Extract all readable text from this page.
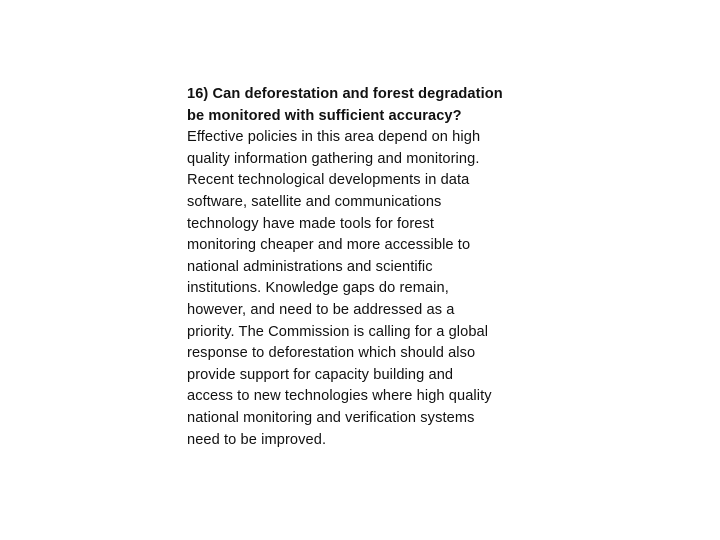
16) Can deforestation and forest degradation
be monitored with sufficient accuracy?
Effective policies in this area depend on high
quality information gathering and monitoring.
Recent technological developments in data
software, satellite and communications
technology have made tools for forest
monitoring cheaper and more accessible to
national administrations and scientific
institutions. Knowledge gaps do remain,
however, and need to be addressed as a
priority. The Commission is calling for a global
response to deforestation which should also
provide support for capacity building and
access to new technologies where high quality
national monitoring and verification systems
need to be improved.
